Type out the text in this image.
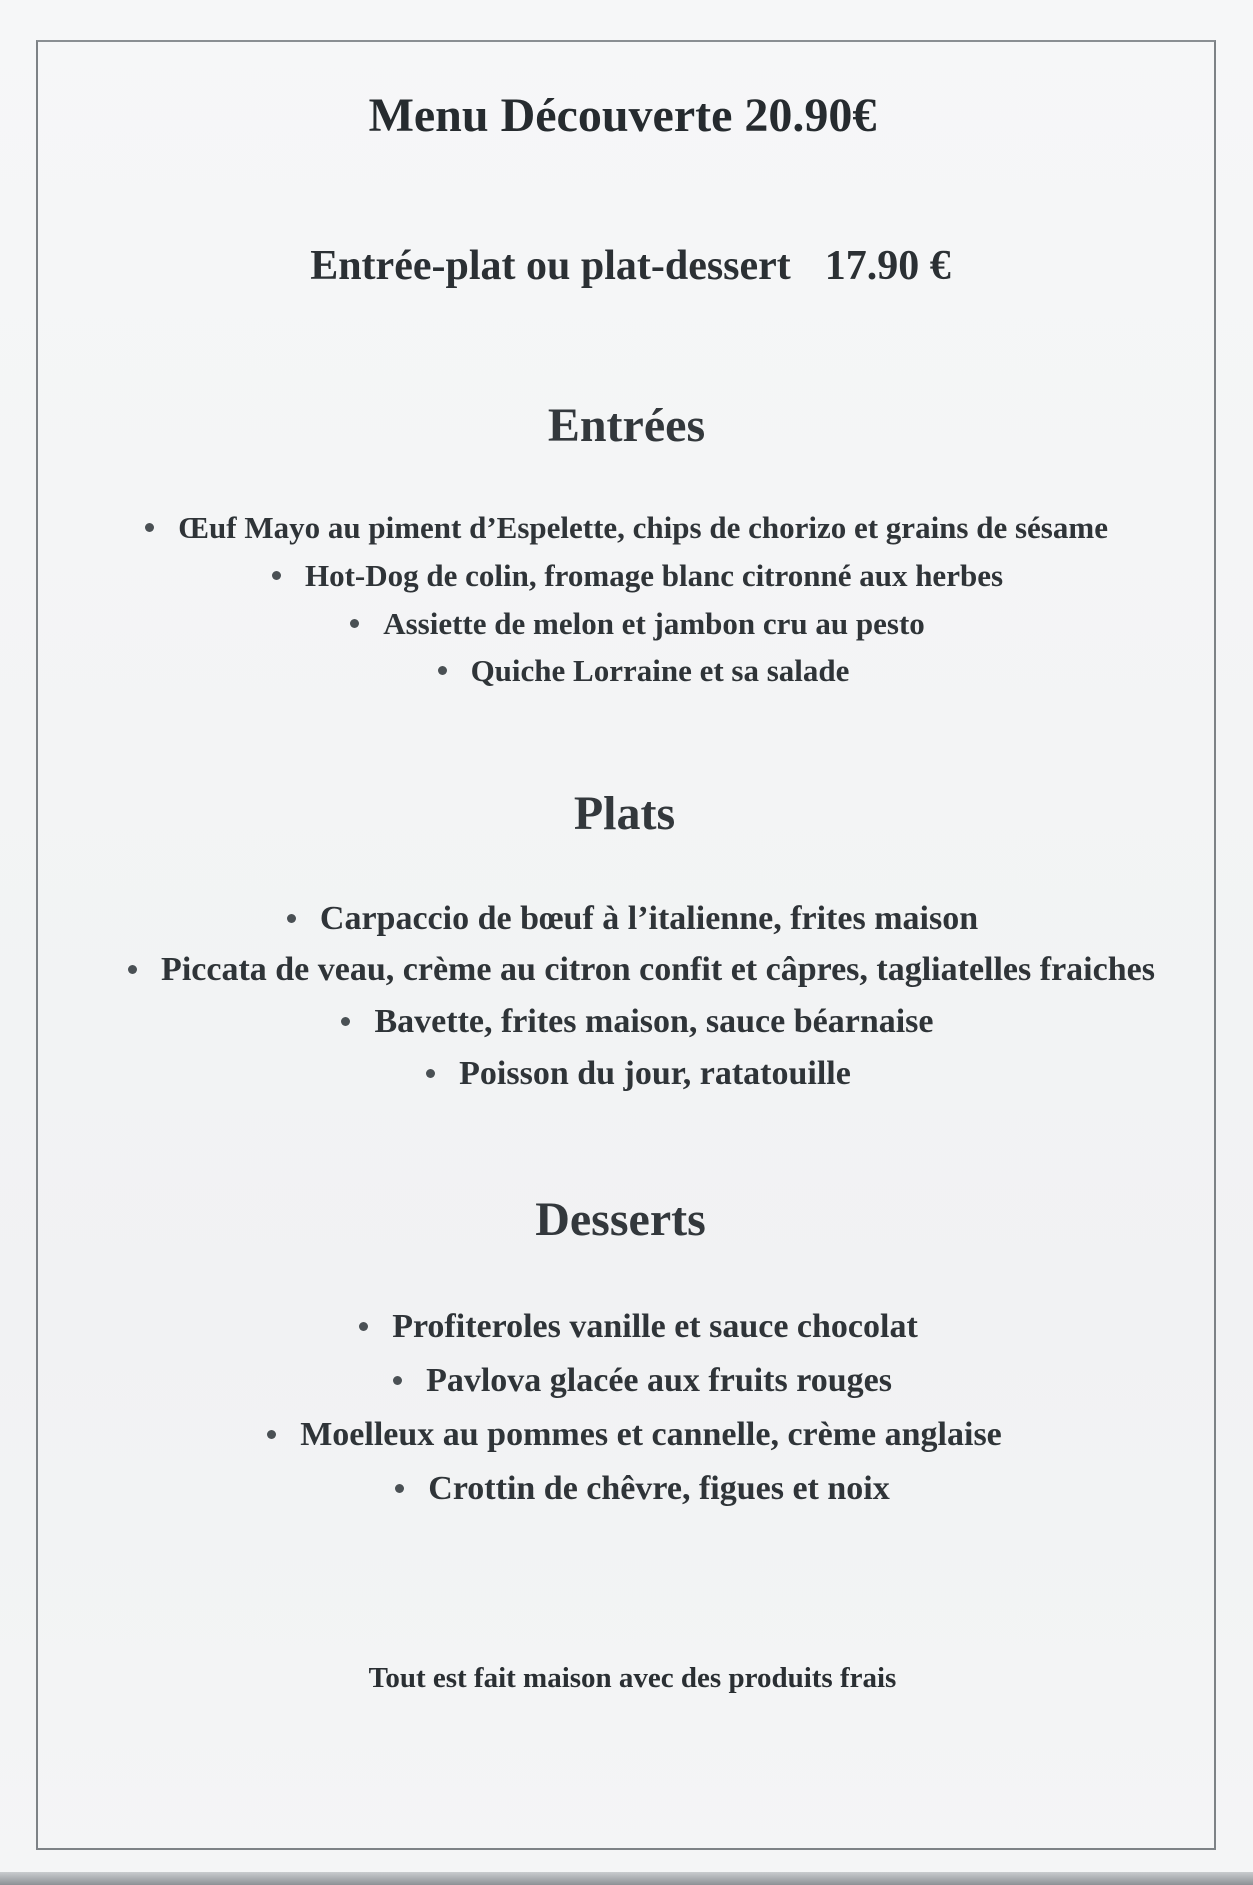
Menu Découverte 20.90€
Entrée-plat ou plat-dessert 17.90 €
Entrées
Œuf Mayo au piment d’Espelette, chips de chorizo et grains de sésame
Hot-Dog de colin, fromage blanc citronné aux herbes
Assiette de melon et jambon cru au pesto
Quiche Lorraine et sa salade
Plats
Carpaccio de bœuf à l’italienne, frites maison
Piccata de veau, crème au citron confit et câpres, tagliatelles fraiches
Bavette, frites maison, sauce béarnaise
Poisson du jour, ratatouille
Desserts
Profiteroles vanille et sauce chocolat
Pavlova glacée aux fruits rouges
Moelleux au pommes et cannelle, crème anglaise
Crottin de chêvre, figues et noix
Tout est fait maison avec des produits frais
